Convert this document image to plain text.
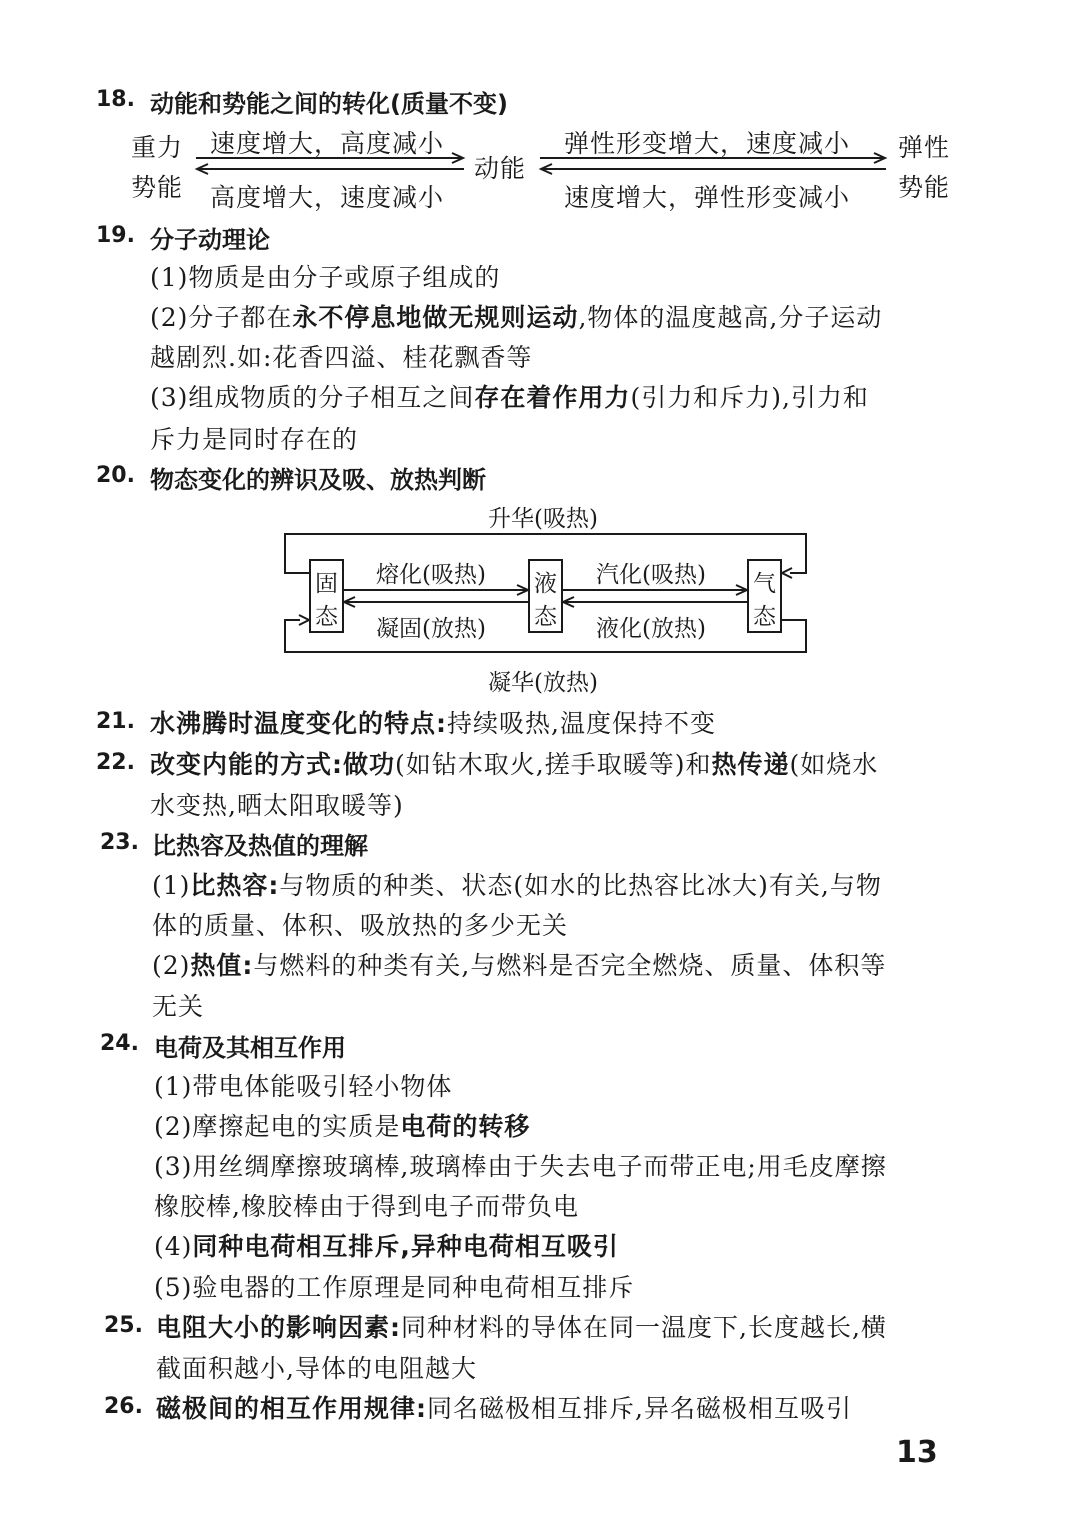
18. 动能和势能之间的转化(质量不变)
重力
势能
速度增大，高度减小
高度增大，速度减小
动能
弹性形变增大，速度减小
速度增大，弹性形变减小
弹性
势能
19. 分子动理论
(1)物质是由分子或原子组成的
(2)分子都在永不停息地做无规则运动,物体的温度越高,分子运动
越剧烈.如:花香四溢、桂花飘香等
(3)组成物质的分子相互之间存在着作用力(引力和斥力),引力和
斥力是同时存在的
20. 物态变化的辨识及吸、放热判断
升华(吸热)
凝华(放热)
熔化(吸热)
凝固(放热)
汽化(吸热)
液化(放热)
固
态
液
态
气
态
21. 水沸腾时温度变化的特点:持续吸热,温度保持不变
22. 改变内能的方式:做功(如钻木取火,搓手取暖等)和热传递(如烧水
水变热,晒太阳取暖等)
23. 比热容及热值的理解
(1)比热容:与物质的种类、状态(如水的比热容比冰大)有关,与物
体的质量、体积、吸放热的多少无关
(2)热值:与燃料的种类有关,与燃料是否完全燃烧、质量、体积等
无关
24. 电荷及其相互作用
(1)带电体能吸引轻小物体
(2)摩擦起电的实质是电荷的转移
(3)用丝绸摩擦玻璃棒,玻璃棒由于失去电子而带正电;用毛皮摩擦
橡胶棒,橡胶棒由于得到电子而带负电
(4)同种电荷相互排斥,异种电荷相互吸引
(5)验电器的工作原理是同种电荷相互排斥
25. 电阻大小的影响因素:同种材料的导体在同一温度下,长度越长,横
截面积越小,导体的电阻越大
26. 磁极间的相互作用规律:同名磁极相互排斥,异名磁极相互吸引
13
